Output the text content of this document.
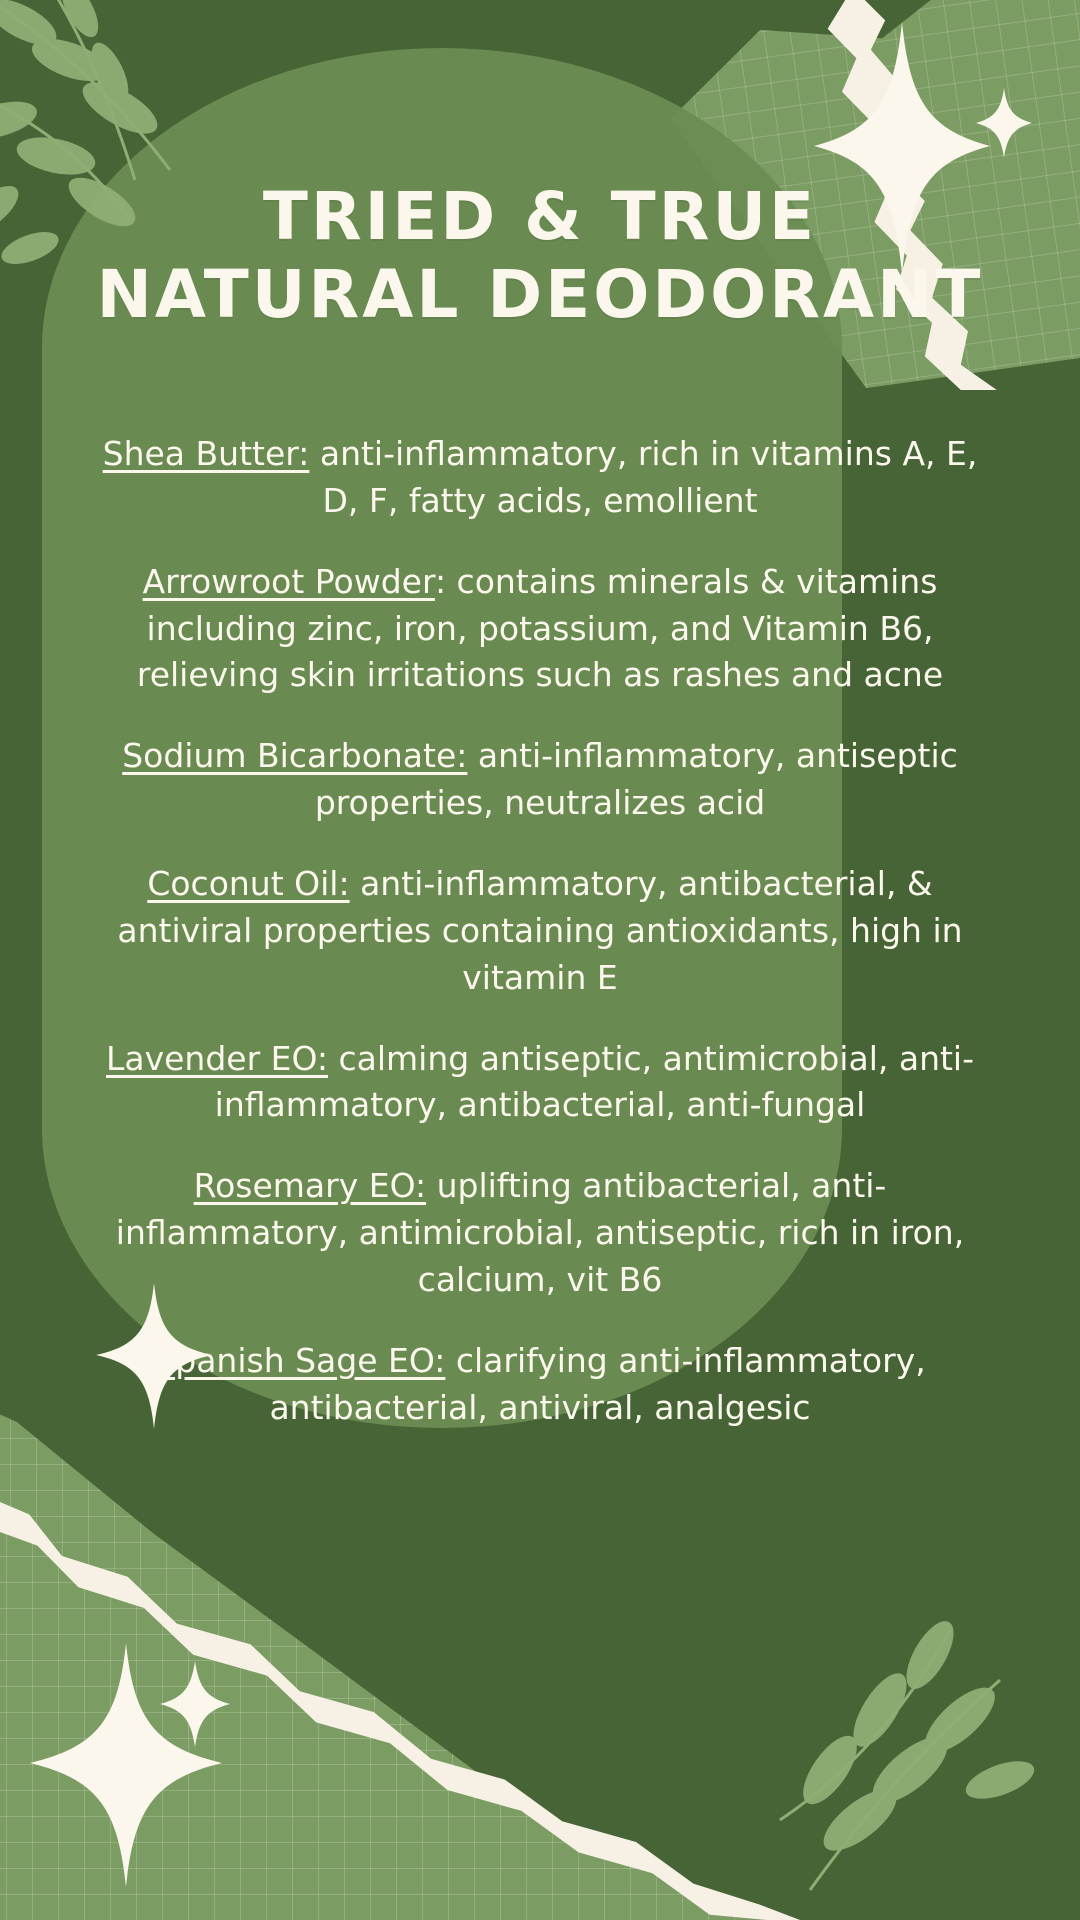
TRIED & TRUE
NATURAL DEODORANT

Shea Butter: anti-inflammatory, rich in vitamins A, E, D, F, fatty acids, emollient

Arrowroot Powder: contains minerals & vitamins including zinc, iron, potassium, and Vitamin B6, relieving skin irritations such as rashes and acne

Sodium Bicarbonate: anti-inflammatory, antiseptic properties, neutralizes acid

Coconut Oil: anti-inflammatory, antibacterial, & antiviral properties containing antioxidants, high in vitamin E

Lavender EO: calming antiseptic, antimicrobial, anti-inflammatory, antibacterial, anti-fungal

Rosemary EO: uplifting antibacterial, anti-inflammatory, antimicrobial, antiseptic, rich in iron, calcium, vit B6

Spanish Sage EO: clarifying anti-inflammatory, antibacterial, antiviral, analgesic
